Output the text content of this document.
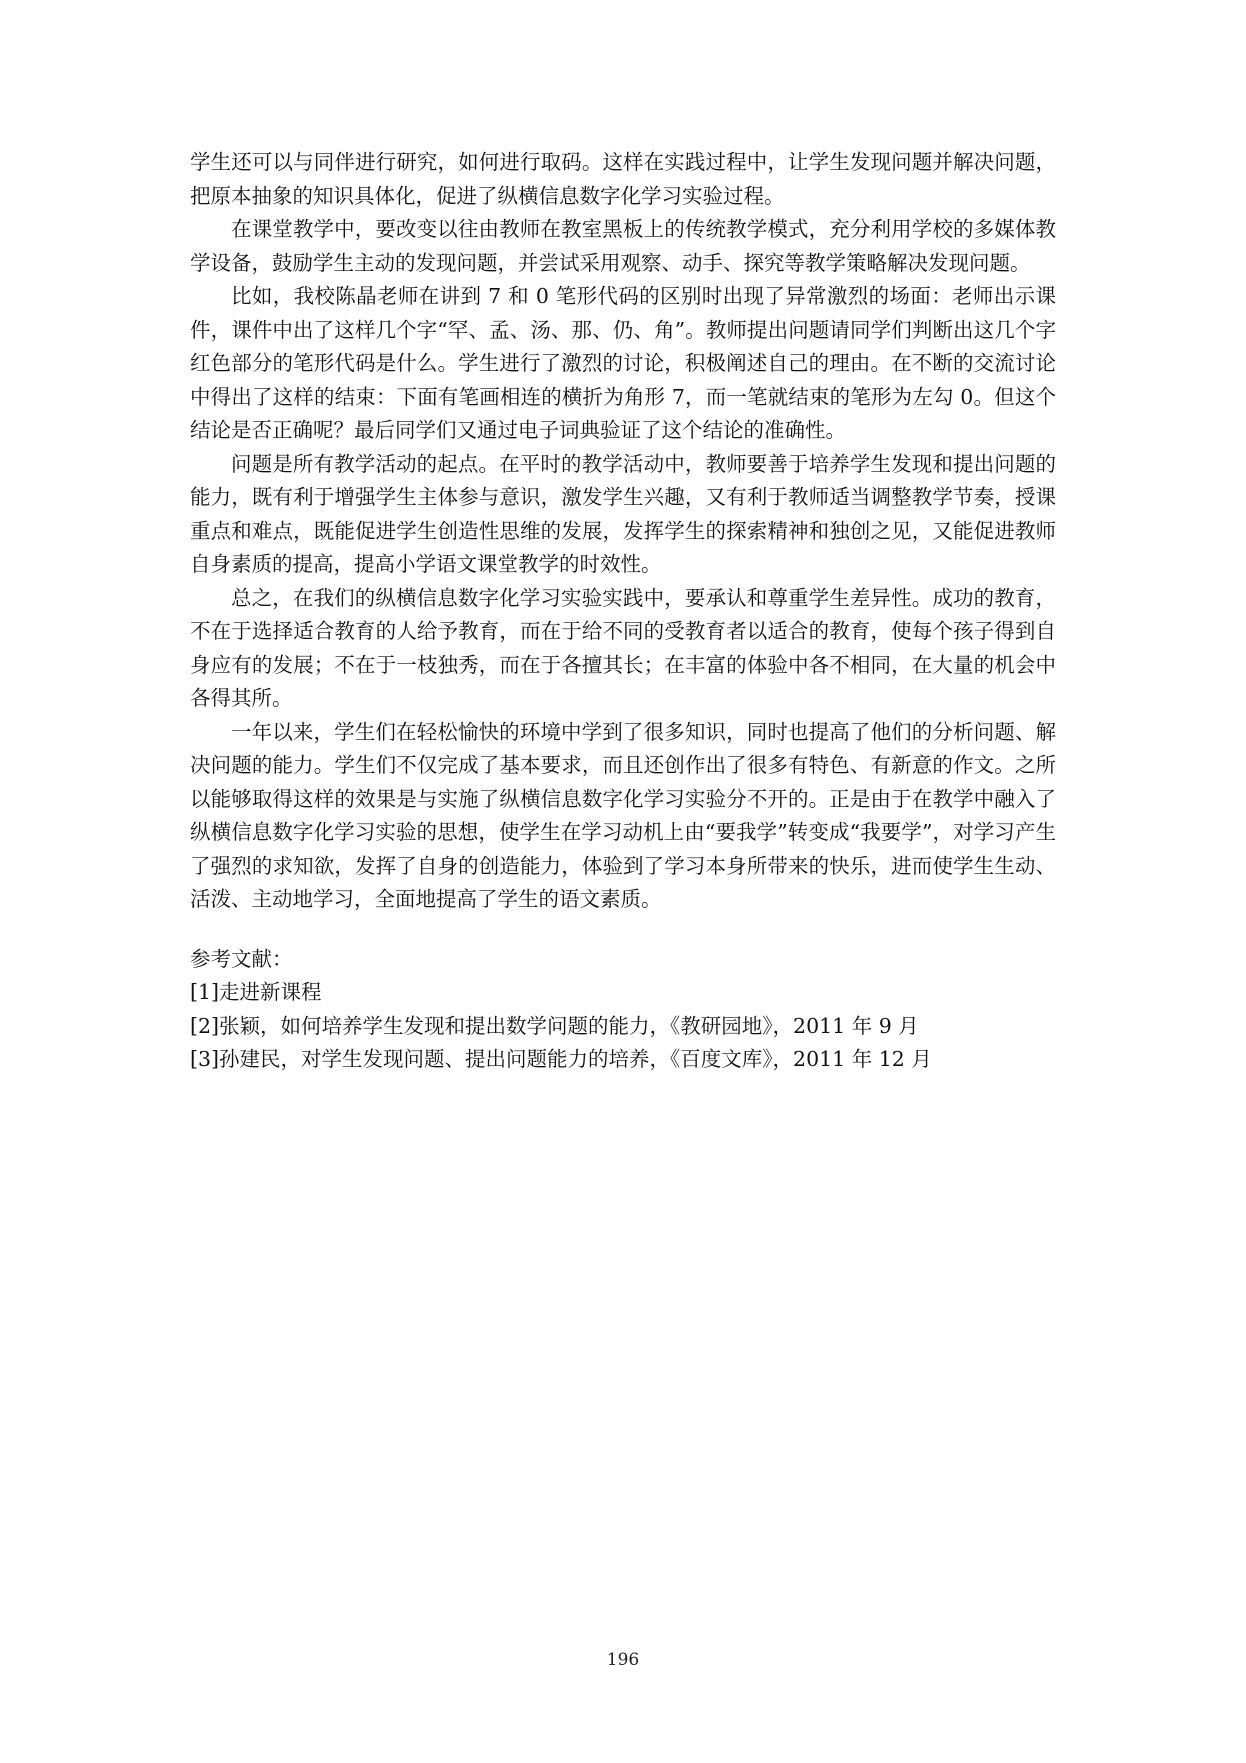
学生还可以与同伴进行研究，如何进行取码。这样在实践过程中，让学生发现问题并解决问题，把原本抽象的知识具体化，促进了纵横信息数字化学习实验过程。

在课堂教学中，要改变以往由教师在教室黑板上的传统教学模式，充分利用学校的多媒体教学设备，鼓励学生主动的发现问题，并尝试采用观察、动手、探究等教学策略解决发现问题。

比如，我校陈晶老师在讲到 7 和 0 笔形代码的区别时出现了异常激烈的场面：老师出示课件，课件中出了这样几个字“罕、孟、汤、那、仍、角”。教师提出问题请同学们判断出这几个字红色部分的笔形代码是什么。学生进行了激烈的讨论，积极阐述自己的理由。在不断的交流讨论中得出了这样的结束：下面有笔画相连的横折为角形 7，而一笔就结束的笔形为左勾 0。但这个结论是否正确呢？最后同学们又通过电子词典验证了这个结论的准确性。

问题是所有教学活动的起点。在平时的教学活动中，教师要善于培养学生发现和提出问题的能力，既有利于增强学生主体参与意识，激发学生兴趣，又有利于教师适当调整教学节奏，授课重点和难点，既能促进学生创造性思维的发展，发挥学生的探索精神和独创之见，又能促进教师自身素质的提高，提高小学语文课堂教学的时效性。

总之，在我们的纵横信息数字化学习实验实践中，要承认和尊重学生差异性。成功的教育，不在于选择适合教育的人给予教育，而在于给不同的受教育者以适合的教育，使每个孩子得到自身应有的发展；不在于一枝独秀，而在于各擅其长；在丰富的体验中各不相同，在大量的机会中各得其所。

一年以来，学生们在轻松愉快的环境中学到了很多知识，同时也提高了他们的分析问题、解决问题的能力。学生们不仅完成了基本要求，而且还创作出了很多有特色、有新意的作文。之所以能够取得这样的效果是与实施了纵横信息数字化学习实验分不开的。正是由于在教学中融入了纵横信息数字化学习实验的思想，使学生在学习动机上由“要我学”转变成“我要学”，对学习产生了强烈的求知欲，发挥了自身的创造能力，体验到了学习本身所带来的快乐，进而使学生生动、活泼、主动地学习，全面地提高了学生的语文素质。

参考文献：

[1]走进新课程

[2]张颖，如何培养学生发现和提出数学问题的能力，《教研园地》，2011 年 9 月

[3]孙建民，对学生发现问题、提出问题能力的培养，《百度文库》，2011 年 12 月

196
